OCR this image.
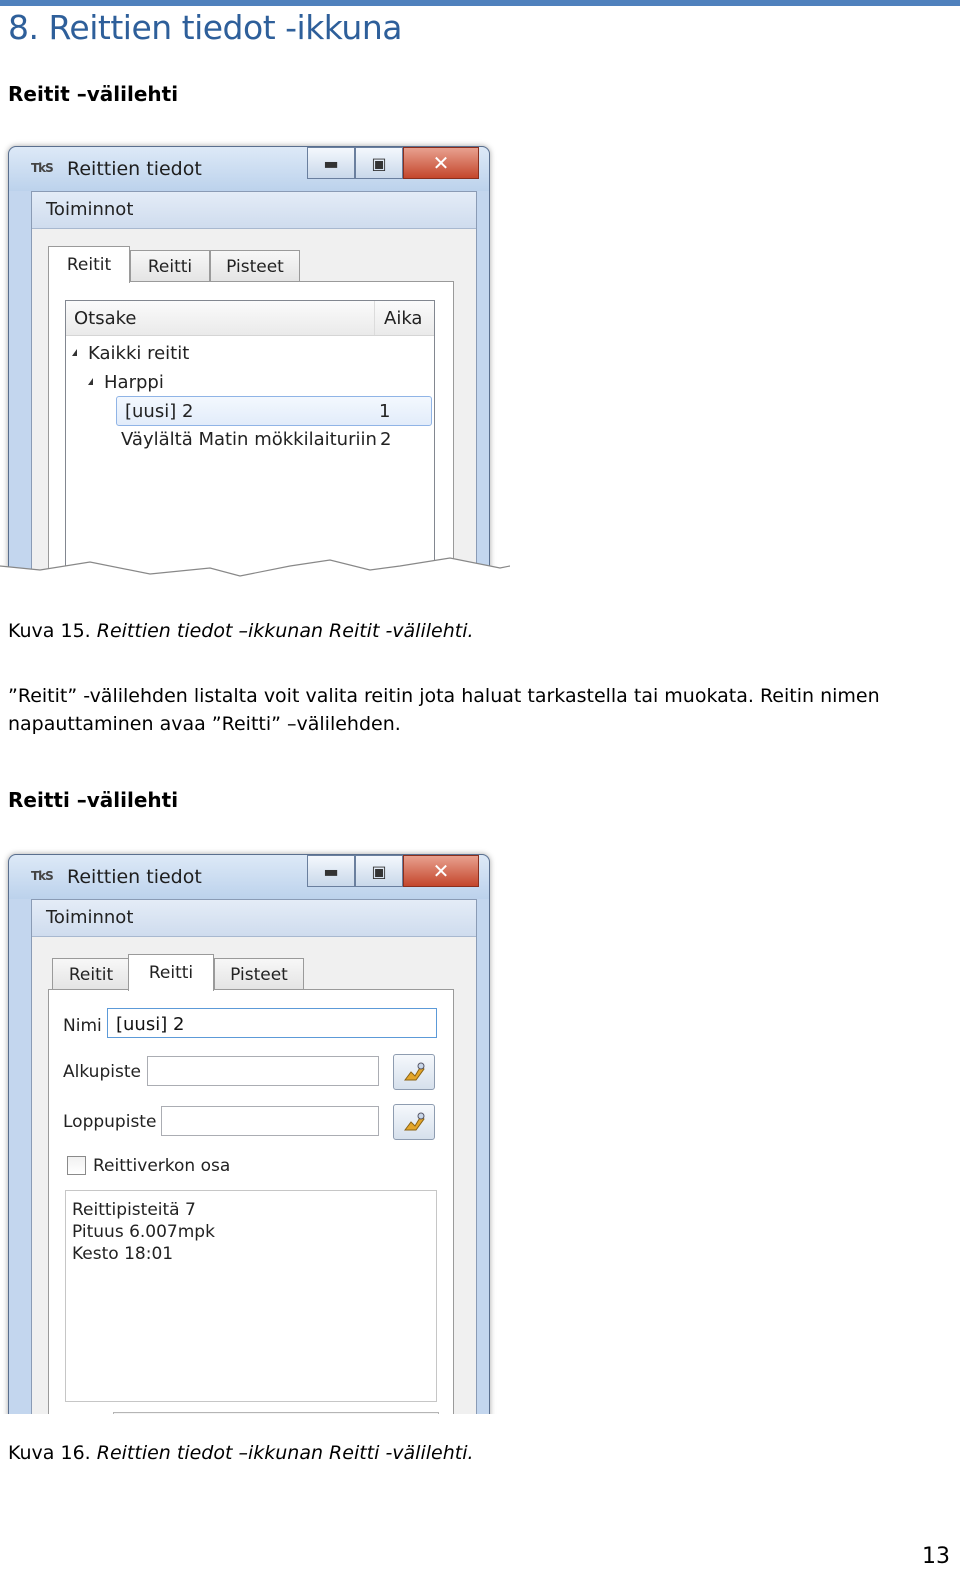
8. Reittien tiedot -ikkuna
Reitit –välilehti
TkS Reittien tiedot	▬	▣	✕
Toiminnot
Reitit	Reitti	Pisteet
Otsake	Aika
Kaikki reitit
Harppi
[uusi] 2	1
Väylältä Matin mökkilaituriin 2
Kuva 15. Reittien tiedot –ikkunan Reitit -välilehti.
”Reitit” -välilehden listalta voit valita reitin jota haluat tarkastella tai muokata. Reitin nimen napauttaminen avaa ”Reitti” –välilehden.
Reitti –välilehti
TkS Reittien tiedot	▬	▣	✕
Toiminnot
Reitit	Reitti	Pisteet
Nimi [uusi] 2
Alkupiste
Loppupiste
Reittiverkon osa
Reittipisteitä 7
Pituus 6.007mpk
Kesto 18:01
Kuva 16. Reittien tiedot –ikkunan Reitti -välilehti.
13
